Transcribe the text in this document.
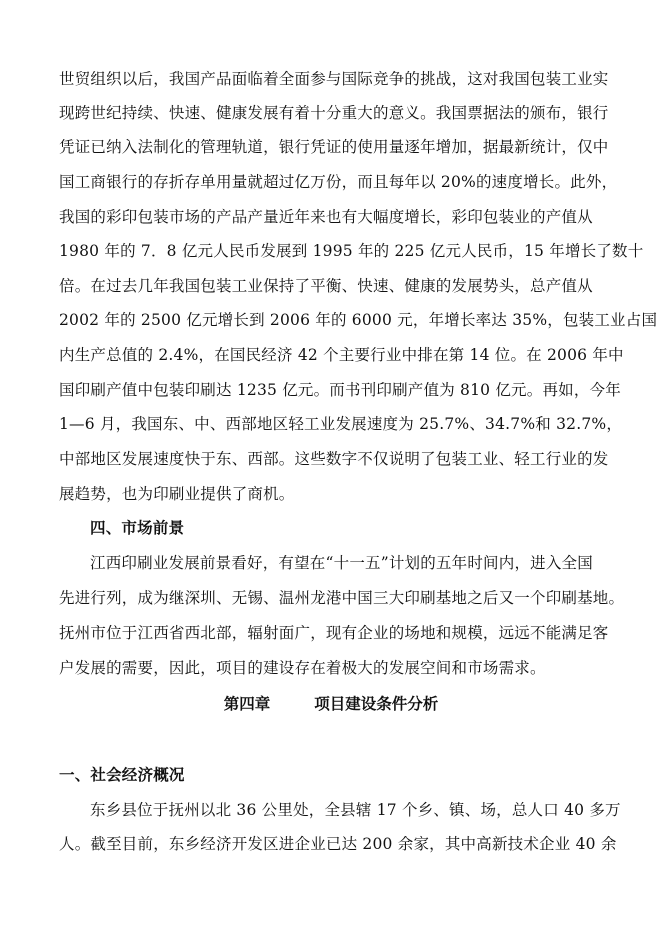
世贸组织以后，我国产品面临着全面参与国际竞争的挑战，这对我国包装工业实
现跨世纪持续、快速、健康发展有着十分重大的意义。我国票据法的颁布，银行
凭证已纳入法制化的管理轨道，银行凭证的使用量逐年增加，据最新统计，仅中
国工商银行的存折存单用量就超过亿万份，而且每年以 20%的速度增长。此外，
我国的彩印包装市场的产品产量近年来也有大幅度增长，彩印包装业的产值从
1980 年的 7．8 亿元人民币发展到 1995 年的 225 亿元人民币，15 年增长了数十
倍。在过去几年我国包装工业保持了平衡、快速、健康的发展势头，总产值从
2002 年的 2500 亿元增长到 2006 年的 6000 元，年增长率达 35%，包装工业占国
内生产总值的 2.4%，在国民经济 42 个主要行业中排在第 14 位。在 2006 年中
国印刷产值中包装印刷达 1235 亿元。而书刊印刷产值为 810 亿元。再如，今年
1—6 月，我国东、中、西部地区轻工业发展速度为 25.7%、34.7%和 32.7%，
中部地区发展速度快于东、西部。这些数字不仅说明了包装工业、轻工行业的发
展趋势，也为印刷业提供了商机。
四、市场前景
江西印刷业发展前景看好，有望在“十一五”计划的五年时间内，进入全国
先进行列，成为继深圳、无锡、温州龙港中国三大印刷基地之后又一个印刷基地。
抚州市位于江西省西北部，辐射面广，现有企业的场地和规模，远远不能满足客
户发展的需要，因此，项目的建设存在着极大的发展空间和市场需求。
第四章	项目建设条件分析
一、社会经济概况
东乡县位于抚州以北 36 公里处，全县辖 17 个乡、镇、场，总人口 40 多万
人。截至目前，东乡经济开发区进企业已达 200 余家，其中高新技术企业 40 余
